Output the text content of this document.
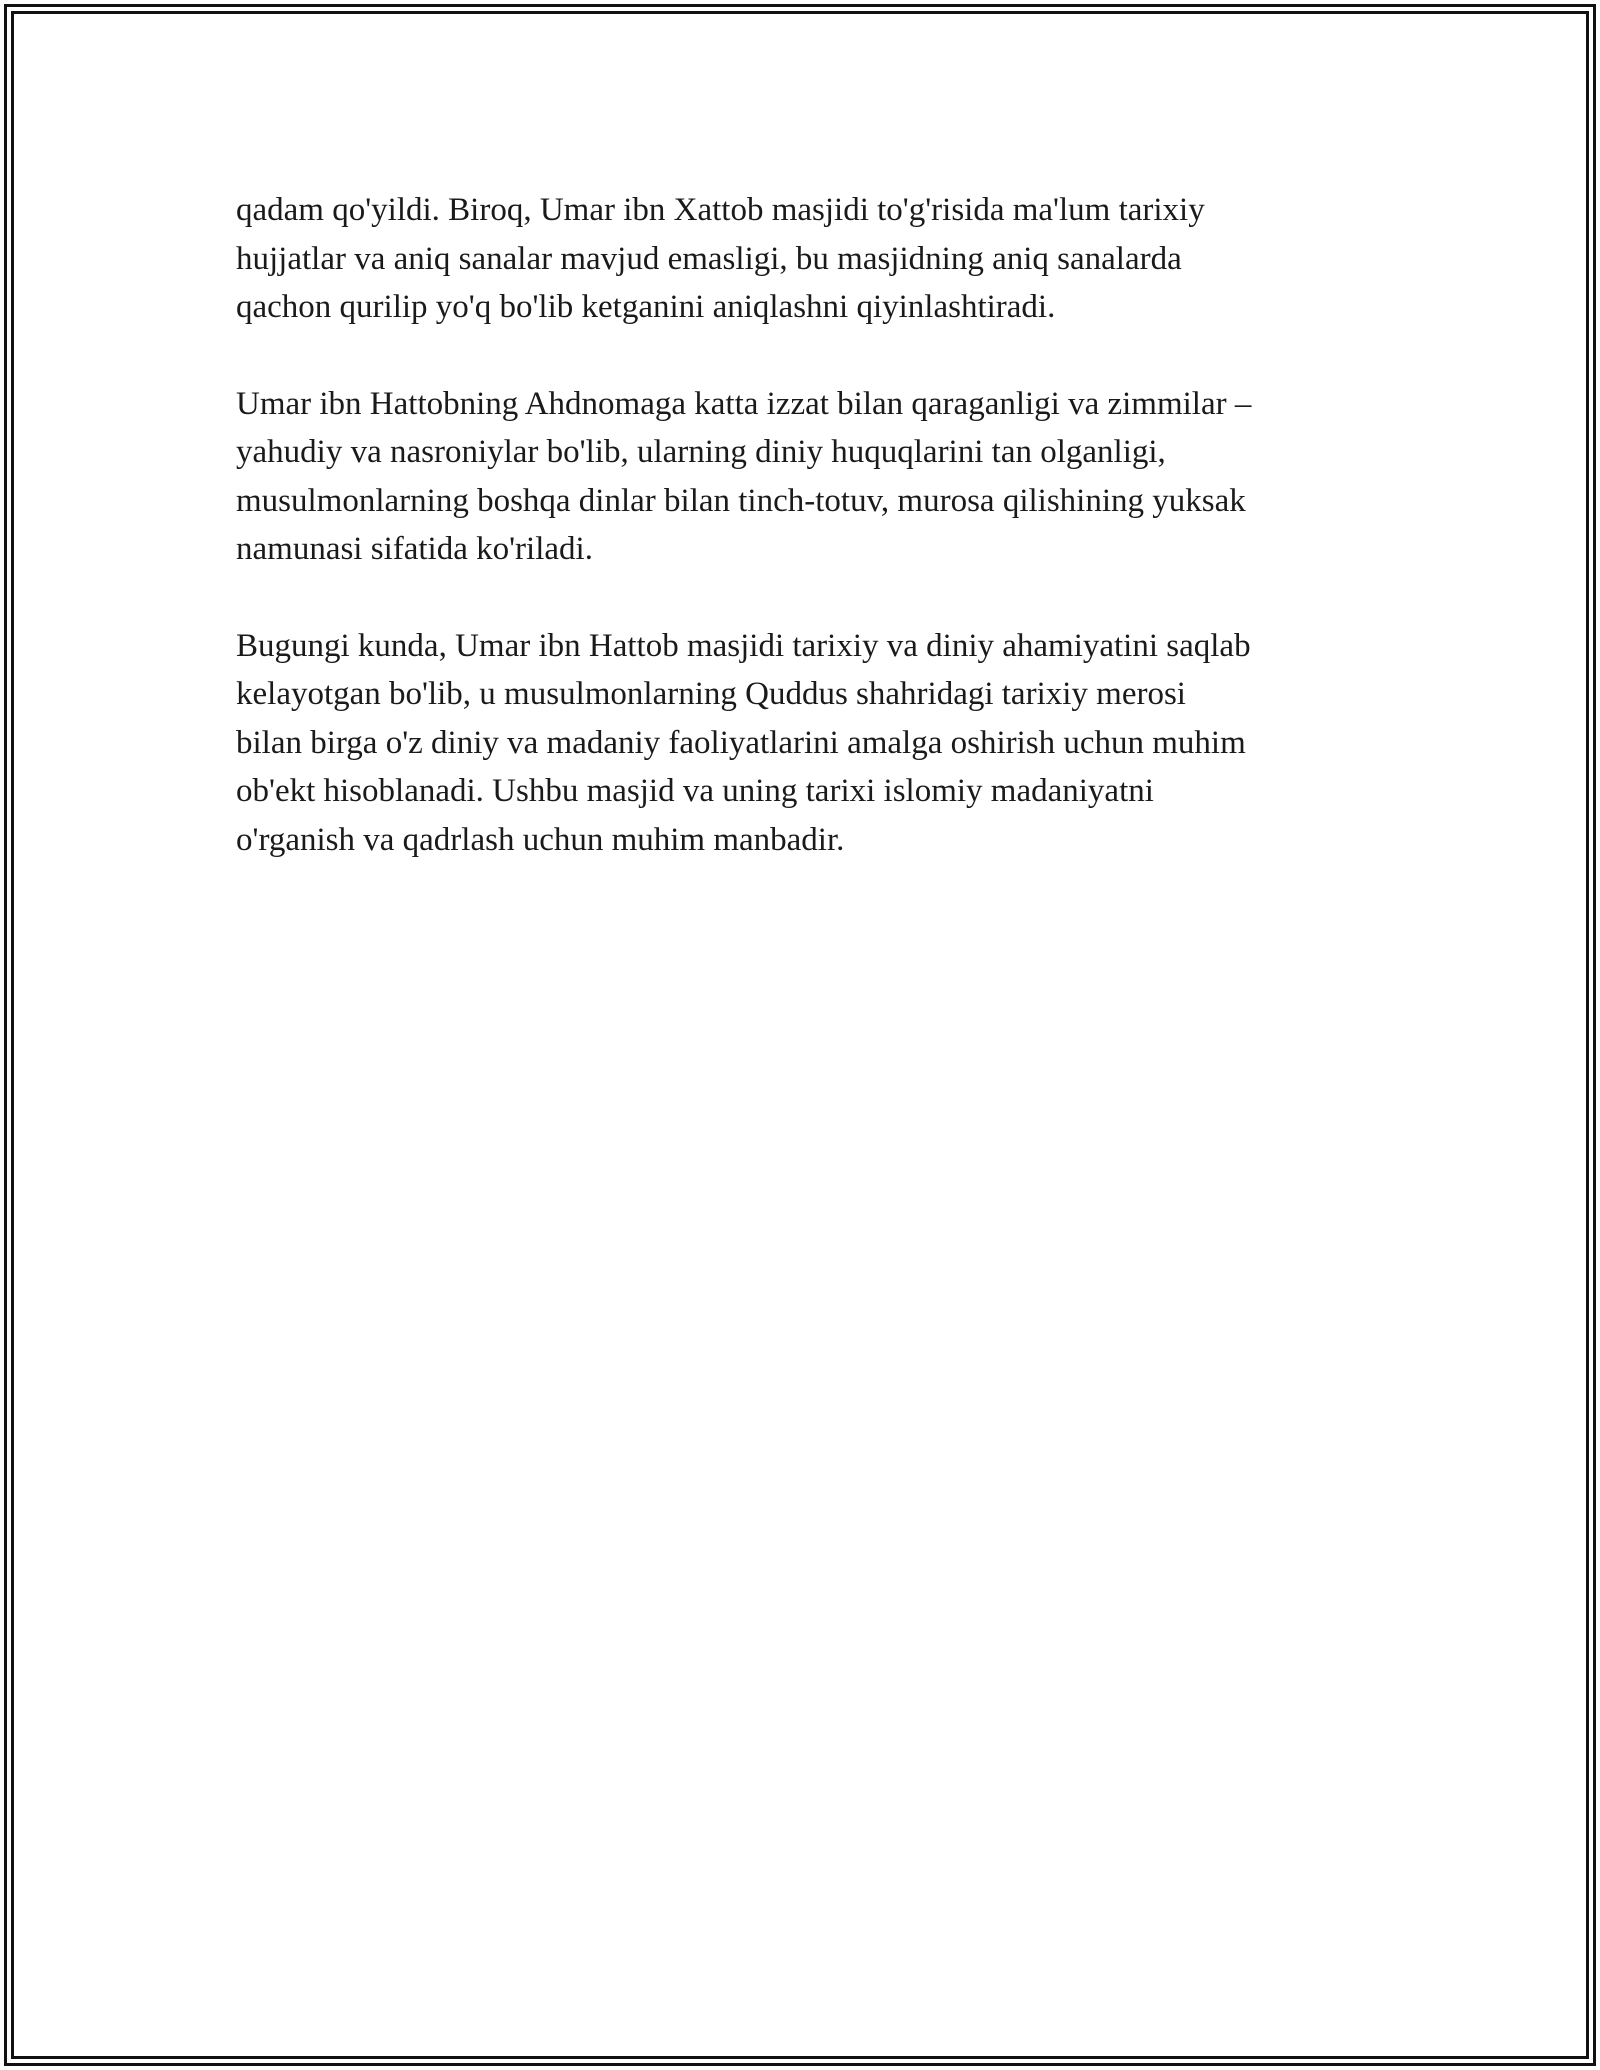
qadam qo'yildi. Biroq, Umar ibn Xattob masjidi to'g'risida ma'lum tarixiy
hujjatlar va aniq sanalar mavjud emasligi, bu masjidning aniq sanalarda
qachon qurilip yo'q bo'lib ketganini aniqlashni qiyinlashtiradi.

Umar ibn Hattobning Ahdnomaga katta izzat bilan qaraganligi va zimmilar –
yahudiy va nasroniylar bo'lib, ularning diniy huquqlarini tan olganligi,
musulmonlarning boshqa dinlar bilan tinch-totuv, murosa qilishining yuksak
namunasi sifatida ko'riladi.

Bugungi kunda, Umar ibn Hattob masjidi tarixiy va diniy ahamiyatini saqlab
kelayotgan bo'lib, u musulmonlarning Quddus shahridagi tarixiy merosi
bilan birga o'z diniy va madaniy faoliyatlarini amalga oshirish uchun muhim
ob'ekt hisoblanadi. Ushbu masjid va uning tarixi islomiy madaniyatni
o'rganish va qadrlash uchun muhim manbadir.
